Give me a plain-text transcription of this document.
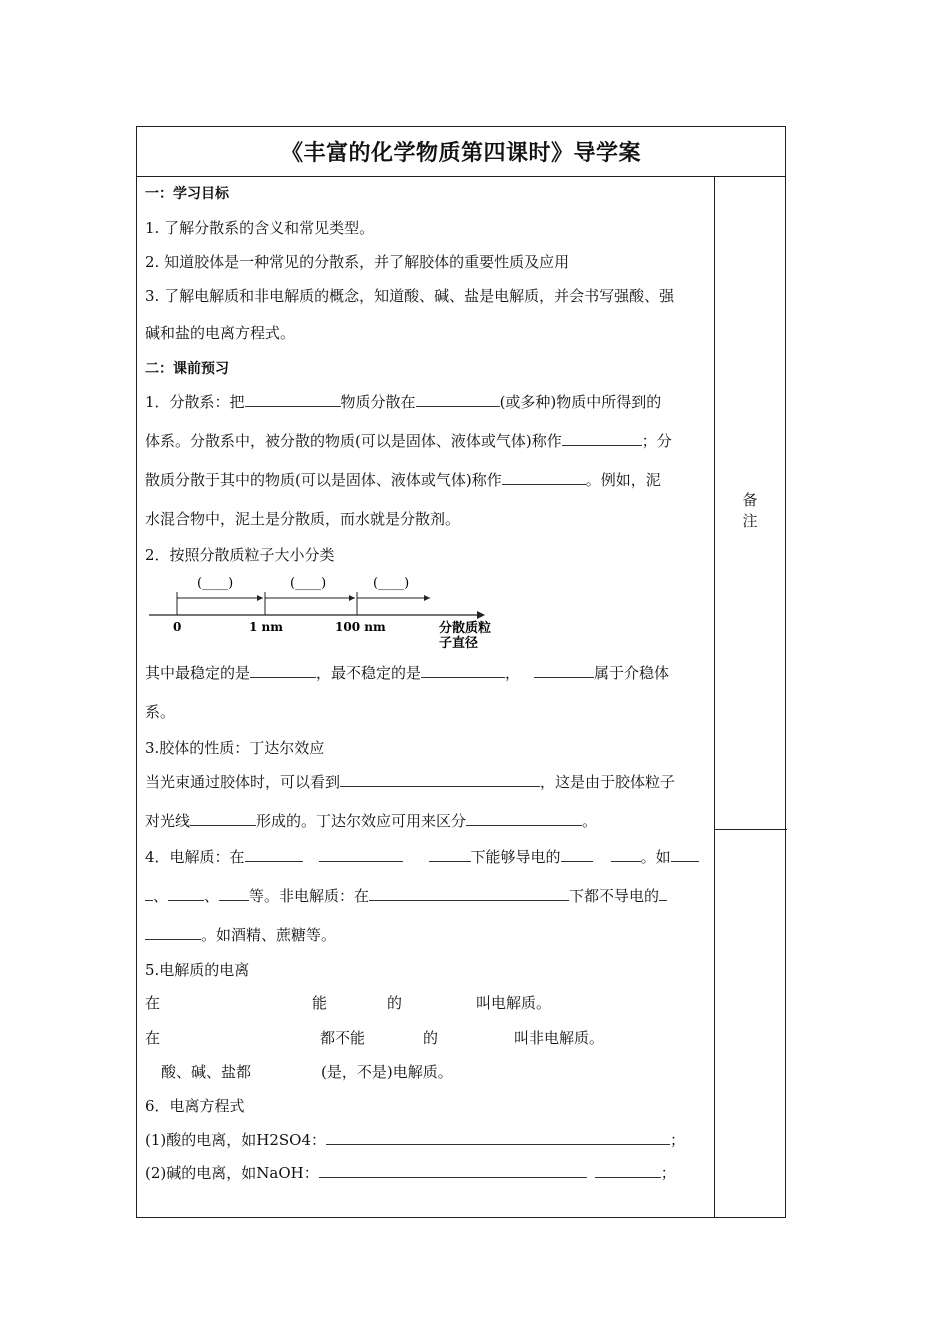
《丰富的化学物质第四课时》导学案
备 注
一：学习目标
1. 了解分散系的含义和常见类型。
2. 知道胶体是一种常见的分散系，并了解胶体的重要性质及应用
3. 了解电解质和非电解质的概念，知道酸、碱、盐是电解质，并会书写强酸、强
碱和盐的电离方程式。
二：课前预习
1．分散系：把	物质分散在	(或多种)物质中所得到的
体系。分散系中，被分散的物质(可以是固体、液体或气体)称作	；分
散质分散于其中的物质(可以是固体、液体或气体)称作	。例如，泥
水混合物中，泥土是分散质，而水就是分散剂。
2．按照分散质粒子大小分类
(____)	(____)	(____)
0	1 nm	100 nm	分散质粒
子直径
其中最稳定的是	，最不稳定的是	，	属于介稳体
系。
3.胶体的性质：丁达尔效应
当光束通过胶体时，可以看到	，这是由于胶体粒子
对光线	形成的。丁达尔效应可用来区分	。
4．电解质：在	下能够导电的	。如
、 、 等。非电解质：在	下都不导电的
。如酒精、蔗糖等。
5.电解质的电离
在	能	的	叫电解质。
在	都不能	的	叫非电解质。
酸、碱、盐都	(是，不是)电解质。
6．电离方程式
(1)酸的电离，如H2SO4：	；
(2)碱的电离，如NaOH：	；
